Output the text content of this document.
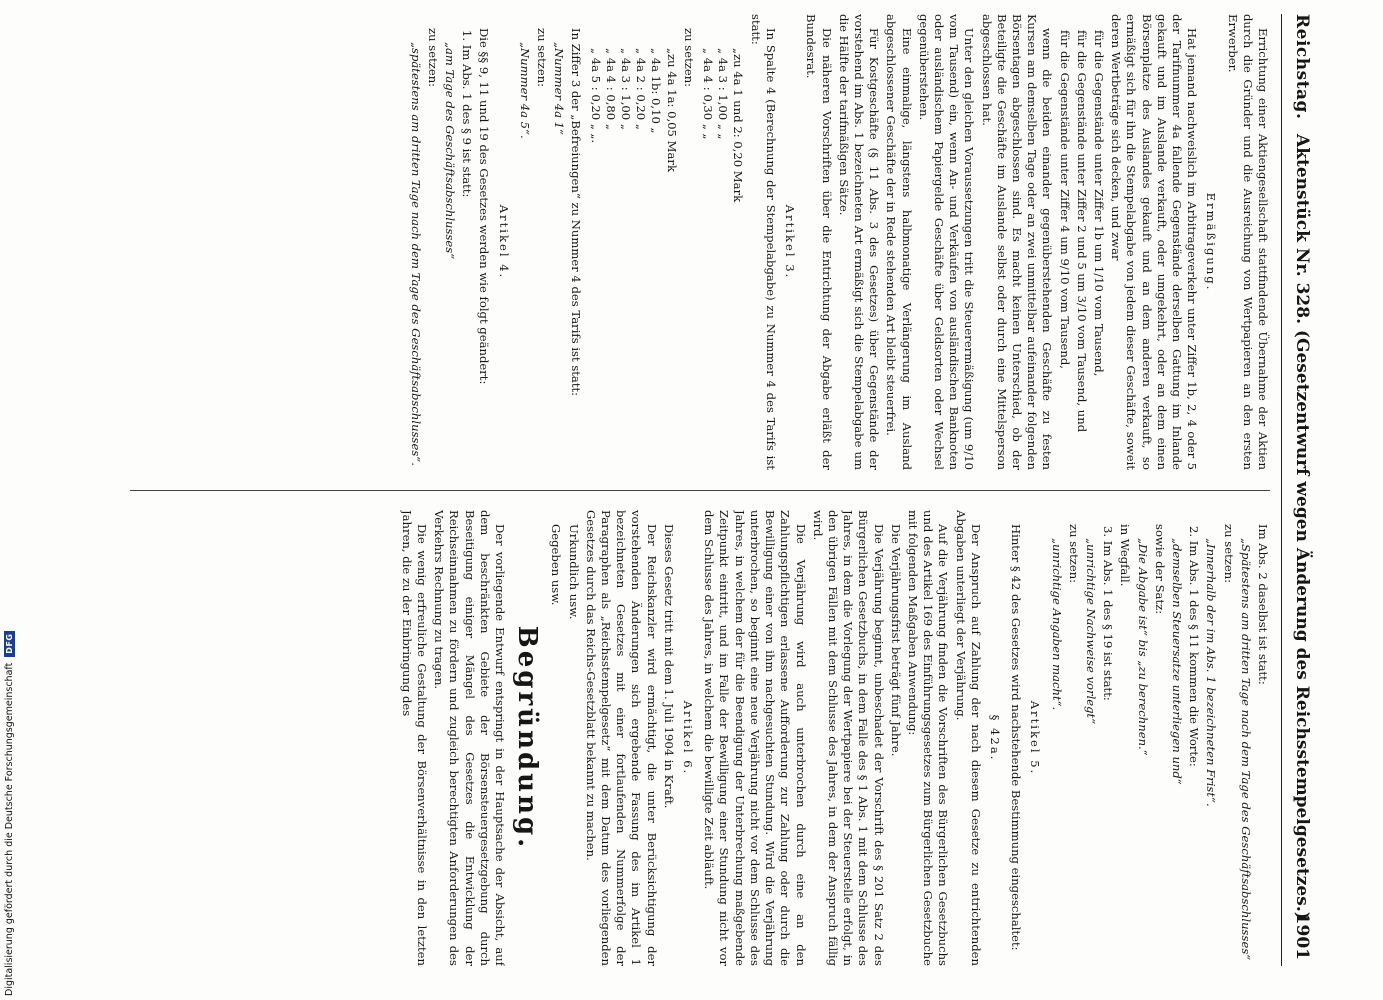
Digitalisierung gefördert durch die Deutsche Forschungsgemeinschaft
DFG
Reichstag.
Aktenstück Nr. 328. (Gesetzentwurf wegen Änderung des Reichsstempelgesetzes.)
1901

Errichtung einer Aktiengesellschaft stattfindende Übernahme der Aktien durch die Gründer und die Ausreichung von Wertpapieren an den ersten Erwerber.

Ermäßigung.

Hat jemand nachweislich im Arbitrageverkehr unter Ziffer 1b, 2, 4 oder 5 der Tarifnummer 4a fallende Gegenstände derselben Gattung im Inlande gekauft und im Auslande verkauft, oder umgekehrt, oder an dem einen Börsenplatze des Auslandes gekauft und an dem anderen verkauft, so ermäßigt sich für ihn die Stempelabgabe von jedem dieser Geschäfte, soweit deren Wertbeträge sich decken, und zwar

für die Gegenstände unter Ziffer 1b um 1/10 vom Tausend,

für die Gegenstände unter Ziffer 2 und 5 um 3/10 vom Tausend, und

für die Gegenstände unter Ziffer 4 um 9/10 vom Tausend,

wenn die beiden einander gegenüberstehenden Geschäfte zu festen Kursen am demselben Tage oder an zwei unmittelbar aufeinander folgenden Börsentagen abgeschlossen sind. Es macht keinen Unterschied, ob der Beteiligte die Geschäfte im Auslande selbst oder durch eine Mittelsperson abgeschlossen hat.

Unter den gleichen Voraussetzungen tritt die Steuerermäßigung (um 9/10 vom Tausend) ein, wenn An- und Verkäufen von ausländischen Banknoten oder ausländischem Papiergelde Geschäfte über Geldsorten oder Wechsel gegenüberstehen.

Eine einmalige, längstens halbmonatige Verlängerung im Ausland abgeschlossener Geschäfte der in Rede stehenden Art bleibt steuerfrei.

Für Kostgeschäfte (§ 11 Abs. 3 des Gesetzes) über Gegenstände der vorstehend im Abs. 1 bezeichneten Art ermäßigt sich die Stempelabgabe um die Hälfte der tarifmäßigen Sätze.

Die näheren Vorschriften über die Entrichtung der Abgabe erläßt der Bundesrat.

Artikel 3.

In Spalte 4 (Berechnung der Stempelabgabe) zu Nummer 4 des Tarifs ist statt:

„zu 4a 1 und 2: 0,20 Mark
„ 4a 3 : 1,00 „ „
„ 4a 4 : 0,30 „ „

zu setzen:

„zu 4a 1a: 0,05 Mark
„ 4a 1b: 0,10 „
„ 4a 2 : 0,20 „
„ 4a 3 : 1,00 „
„ 4a 4 : 0,80 „
„ 4a 5 : 0,20 „ „.

In Ziffer 3 der „Befreiungen“ zu Nummer 4 des Tarifs ist statt:

„Nummer 4a 1“

zu setzen:

„Nummer 4a 5“.

Artikel 4.

Die §§ 9, 11 und 19 des Gesetzes werden wie folgt geändert:

1. Im Abs. 1 des § 9 ist statt:

„am Tage des Geschäftsabschlusses“

zu setzen:

„spätestens am dritten Tage nach dem Tage des Geschäftsabschlusses“.

Im Abs. 2 daselbst ist statt:

„Spätestens am dritten Tage nach dem Tage des Geschäftsabschlusses“

zu setzen:

„Innerhalb der im Abs. 1 bezeichneten Frist“.

2. Im Abs. 1 des § 11 kommen die Worte:

„demselben Steuersatze unterliegen und“

sowie der Satz:

„Die Abgabe ist“ bis „zu berechnen.“

in Wegfall.

3. Im Abs. 1 des § 19 ist statt:

„unrichtige Nachweise vorlegt“

zu setzen:

„unrichtige Angaben macht“.

Artikel 5.

Hinter § 42 des Gesetzes wird nachstehende Bestimmung eingeschaltet:

§ 42a.

Der Anspruch auf Zahlung der nach diesem Gesetze zu entrichtenden Abgaben unterliegt der Verjährung.

Auf die Verjährung finden die Vorschriften des Bürgerlichen Gesetzbuchs und des Artikel 169 des Einführungsgesetzes zum Bürgerlichen Gesetzbuche mit folgenden Maßgaben Anwendung:

Die Verjährungsfrist beträgt fünf Jahre.

Die Verjährung beginnt, unbeschadet der Vorschrift des § 201 Satz 2 des Bürgerlichen Gesetzbuchs, in dem Falle des § 1 Abs. 1 mit dem Schlusse des Jahres, in dem die Vorlegung der Wertpapiere bei der Steuerstelle erfolgt, in den übrigen Fällen mit dem Schlusse des Jahres, in dem der Anspruch fällig wird.

Die Verjährung wird auch unterbrochen durch eine an den Zahlungspflichtigen erlassene Aufforderung zur Zahlung oder durch die Bewilligung einer von ihm nachgesuchten Stundung. Wird die Verjährung unterbrochen, so beginnt eine neue Verjährung nicht vor dem Schlusse des Jahres, in welchem der für die Beendigung der Unterbrechung maßgebende Zeitpunkt eintritt, und im Falle der Bewilligung einer Stundung nicht vor dem Schlusse des Jahres, in welchem die bewilligte Zeit abläuft.

Artikel 6.

Dieses Gesetz tritt mit dem 1. Juli 1904 in Kraft.

Der Reichskanzler wird ermächtigt, die unter Berücksichtigung der vorstehenden Änderungen sich ergebende Fassung des im Artikel 1 bezeichneten Gesetzes mit einer fortlaufenden Nummerfolge der Paragraphen als „Reichsstempelgesetz“ mit dem Datum des vorliegenden Gesetzes durch das Reichs-Gesetzblatt bekannt zu machen.

Urkundlich usw.

Gegeben usw.

Begründung.

Der vorliegende Entwurf entspringt in der Hauptsache der Absicht, auf dem beschränkten Gebiete der Börsensteuergesetzgebung durch Beseitigung einiger Mängel des Gesetzes die Entwicklung der Reichseinnahmen zu fördern und zugleich berechtigten Anforderungen des Verkehrs Rechnung zu tragen.

Die wenig erfreuliche Gestaltung der Börsenverhältnisse in den letzten Jahren, die zu der Einbringung des
